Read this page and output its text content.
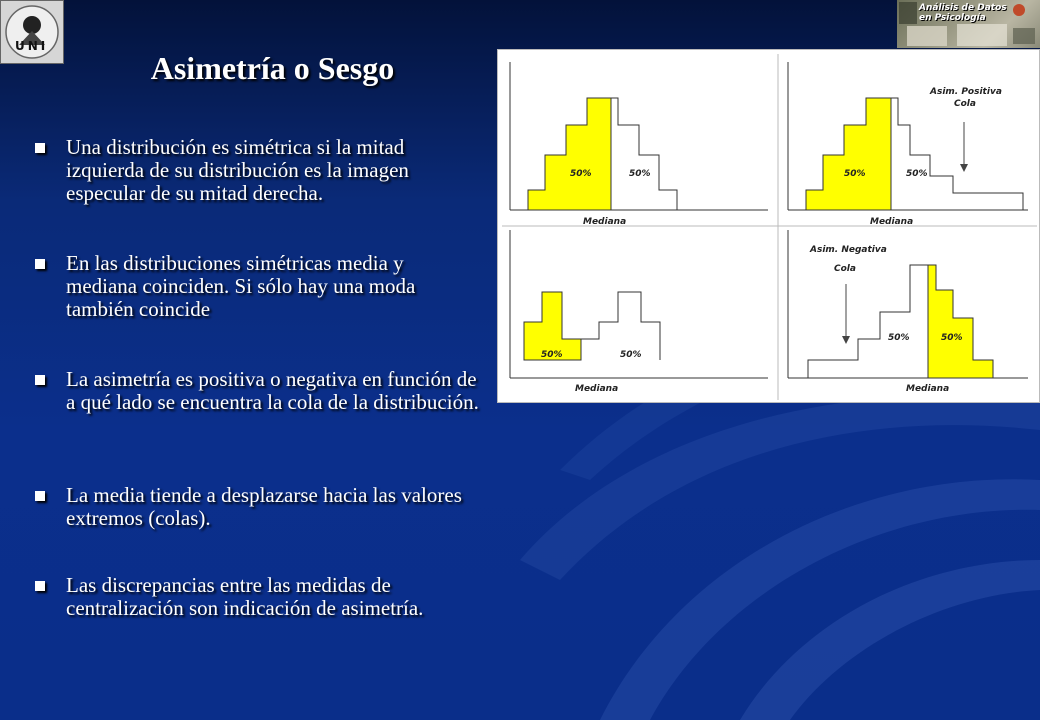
UNI
Análisis de Datos
en Psicología
Asimetría o Sesgo
Una distribución es simétrica si la mitad izquierda de su distribución es la imagen especular de su mitad derecha.
En las distribuciones simétricas media y mediana coinciden. Si sólo hay una moda también coincide
La asimetría es positiva o negativa en función de a qué lado se encuentra la cola de la distribución.
La media tiende a desplazarse hacia las valores extremos (colas).
Las discrepancias entre las medidas de centralización son indicación de asimetría.
50%	50%
Mediana
Asim. Positiva
Cola
50%	50%
Mediana
50%	50%
Mediana
Asim. Negativa
Cola
50%	50%
Mediana
